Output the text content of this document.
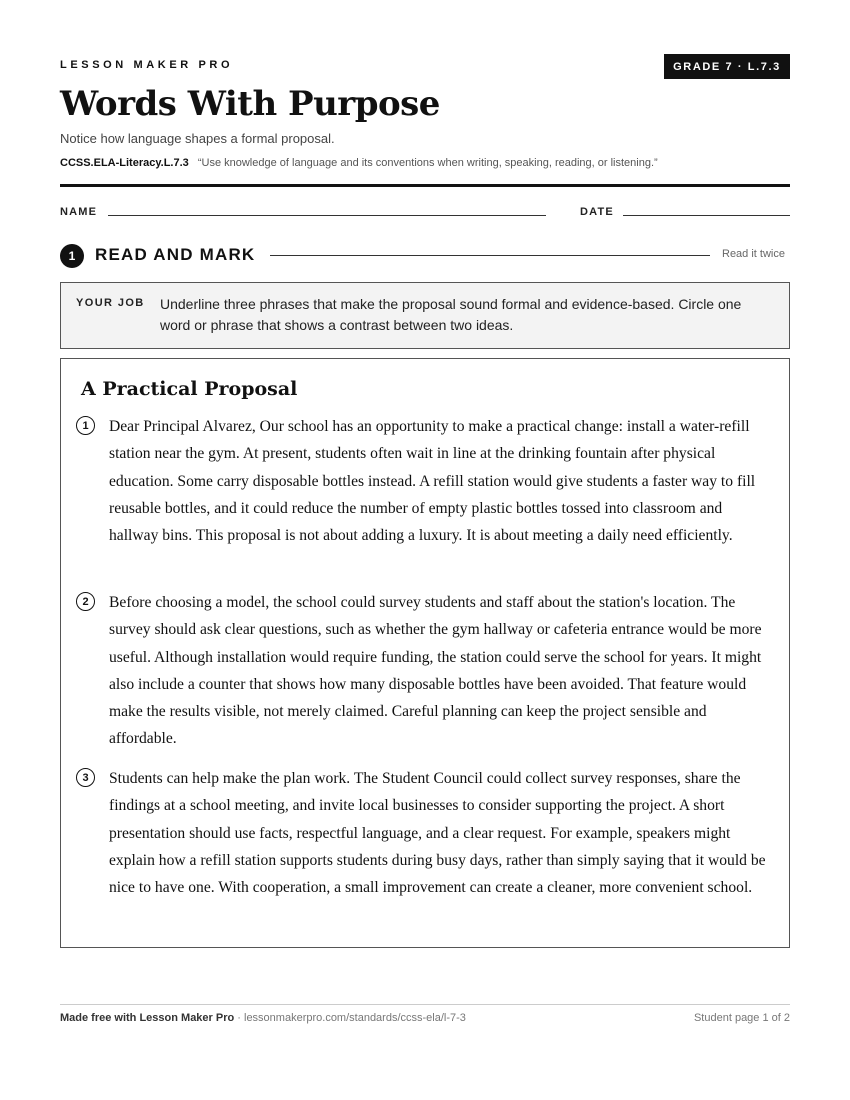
LESSON MAKER PRO	GRADE 7 · L.7.3
Words With Purpose
Notice how language shapes a formal proposal.
CCSS.ELA-Literacy.L.7.3 “Use knowledge of language and its conventions when writing, speaking, reading, or listening.”
NAME	DATE
1	READ AND MARK	Read it twice
YOUR JOB Underline three phrases that make the proposal sound formal and evidence-based. Circle one word or phrase that shows a contrast between two ideas.
A Practical Proposal
1	Dear Principal Alvarez, Our school has an opportunity to make a practical change: install a water-refill station near the gym. At present, students often wait in line at the drinking fountain after physical education. Some carry disposable bottles instead. A refill station would give students a faster way to fill reusable bottles, and it could reduce the number of empty plastic bottles tossed into classroom and hallway bins. This proposal is not about adding a luxury. It is about meeting a daily need efficiently.

2	Before choosing a model, the school could survey students and staff about the station's location. The survey should ask clear questions, such as whether the gym hallway or cafeteria entrance would be more useful. Although installation would require funding, the station could serve the school for years. It might also include a counter that shows how many disposable bottles have been avoided. That feature would make the results visible, not merely claimed. Careful planning can keep the project sensible and affordable.

3	Students can help make the plan work. The Student Council could collect survey responses, share the findings at a school meeting, and invite local businesses to consider supporting the project. A short presentation should use facts, respectful language, and a clear request. For example, speakers might explain how a refill station supports students during busy days, rather than simply saying that it would be nice to have one. With cooperation, a small improvement can create a cleaner, more convenient school.

Made free with Lesson Maker Pro · lessonmakerpro.com/standards/ccss-ela/l-7-3	Student page 1 of 2
